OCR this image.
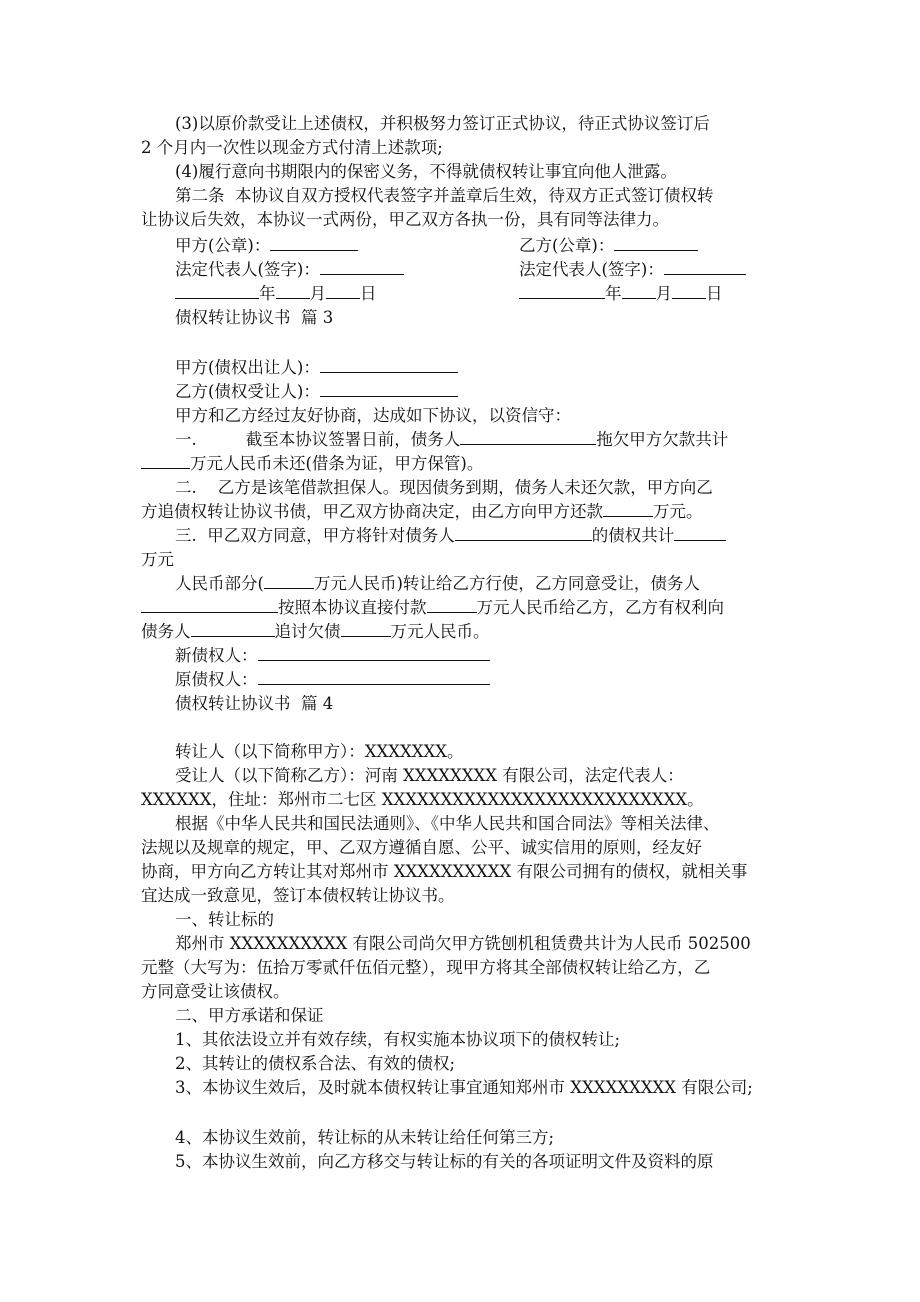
(3)以原价款受让上述债权，并积极努力签订正式协议，待正式协议签订后
2 个月内一次性以现金方式付清上述款项;
(4)履行意向书期限内的保密义务，不得就债权转让事宜向他人泄露。
第二条  本协议自双方授权代表签字并盖章后生效，待双方正式签订债权转
让协议后失效，本协议一式两份，甲乙双方各执一份，具有同等法律力。
甲方(公章)：	乙方(公章)：
法定代表人(签字)：	法定代表人(签字)：
年 月 日	年 月 日
债权转让协议书  篇 3
甲方(债权出让人)：
乙方(债权受让人)：
甲方和乙方经过友好协商，达成如下协议，以资信守：
一.	截至本协议签署日前，债务人	拖欠甲方欠款共计
万元人民币未还(借条为证，甲方保管)。
二.    乙方是该笔借款担保人。现因债务到期，债务人未还欠款，甲方向乙
方追债权转让协议书债，甲乙双方协商决定，由乙方向甲方还款	万元。
三.  甲乙双方同意，甲方将针对债务人	的债权共计
万元
人民币部分(	万元人民币)转让给乙方行使，乙方同意受让，债务人
按照本协议直接付款	万元人民币给乙方，乙方有权利向
债务人	追讨欠债	万元人民币。
新债权人：
原债权人：
债权转让协议书  篇 4
转让人（以下简称甲方）：XXXXXXX。
受让人（以下简称乙方）：河南 XXXXXXXX 有限公司，法定代表人：
XXXXXX，住址：郑州市二七区 XXXXXXXXXXXXXXXXXXXXXXXXXX。
根据《中华人民共和国民法通则》、《中华人民共和国合同法》等相关法律、
法规以及规章的规定，甲、乙双方遵循自愿、公平、诚实信用的原则，经友好
协商，甲方向乙方转让其对郑州市 XXXXXXXXXX 有限公司拥有的债权，就相关事
宜达成一致意见，签订本债权转让协议书。
一、转让标的
郑州市 XXXXXXXXXX 有限公司尚欠甲方铣刨机租赁费共计为人民币 502500
元整（大写为：伍拾万零贰仟伍佰元整），现甲方将其全部债权转让给乙方，乙
方同意受让该债权。
二、甲方承诺和保证
1、其依法设立并有效存续，有权实施本协议项下的债权转让;
2、其转让的债权系合法、有效的债权;
3、本协议生效后，及时就本债权转让事宜通知郑州市 XXXXXXXXX 有限公司;
4、本协议生效前，转让标的从未转让给任何第三方;
5、本协议生效前，向乙方移交与转让标的有关的各项证明文件及资料的原
